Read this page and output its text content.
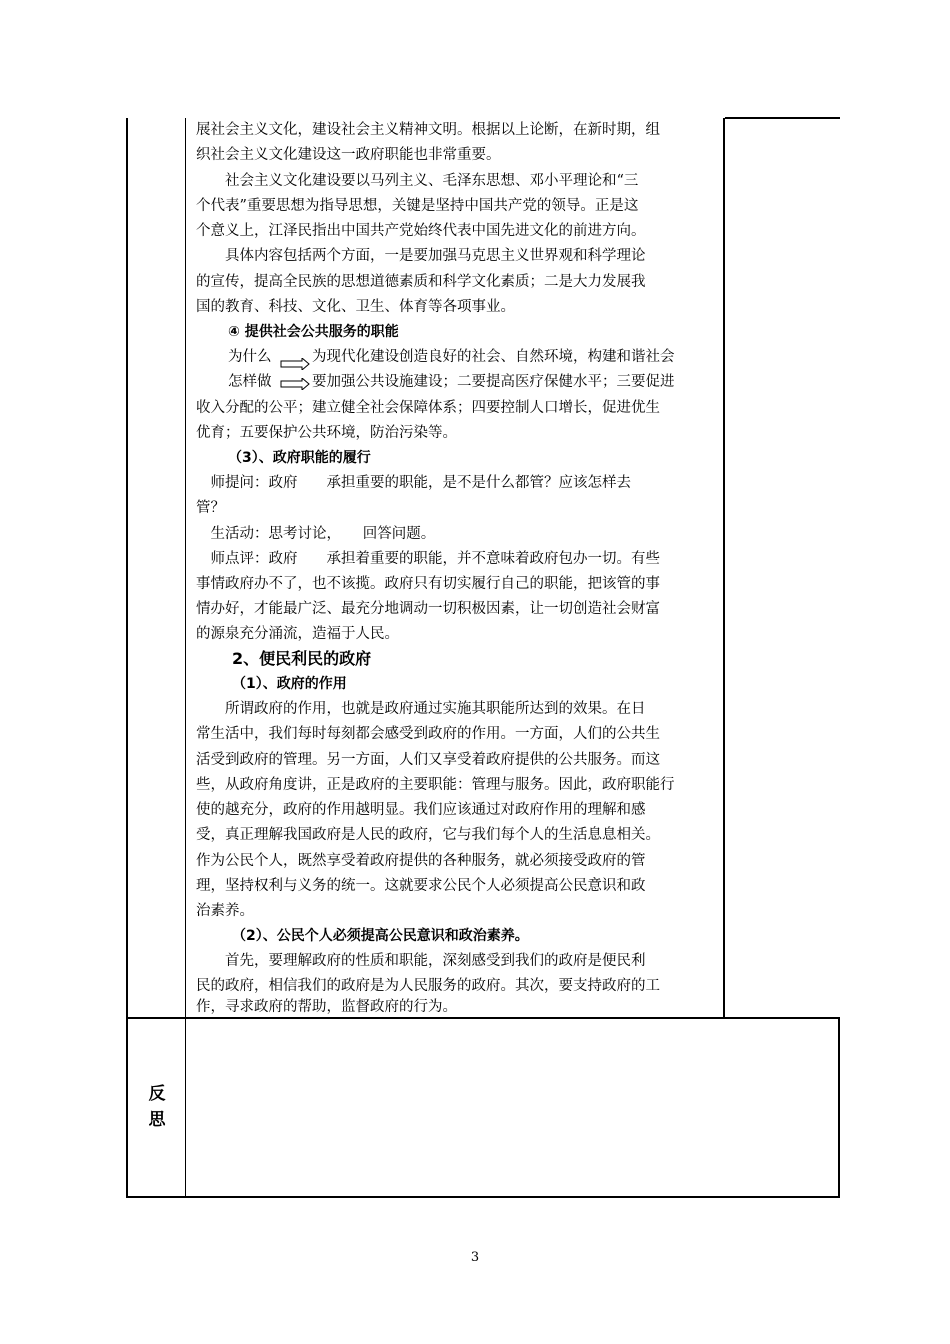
展社会主义文化，建设社会主义精神文明。根据以上论断，在新时期，组
织社会主义文化建设这一政府职能也非常重要。
　　社会主义文化建设要以马列主义、毛泽东思想、邓小平理论和“三
个代表”重要思想为指导思想，关键是坚持中国共产党的领导。正是这
个意义上，江泽民指出中国共产党始终代表中国先进文化的前进方向。
　　具体内容包括两个方面，一是要加强马克思主义世界观和科学理论
的宣传，提高全民族的思想道德素质和科学文化素质；二是大力发展我
国的教育、科技、文化、卫生、体育等各项事业。
④ 提供社会公共服务的职能
为什么	为现代化建设创造良好的社会、自然环境，构建和谐社会
怎样做	要加强公共设施建设；二要提高医疗保健水平；三要促进
收入分配的公平；建立健全社会保障体系；四要控制人口增长，促进优生
优育；五要保护公共环境，防治污染等。
（3）、政府职能的履行
　师提问：政府　　承担重要的职能，是不是什么都管？应该怎样去
管？
　生活动：思考讨论，　　回答问题。
　师点评：政府　　承担着重要的职能，并不意味着政府包办一切。有些
事情政府办不了，也不该揽。政府只有切实履行自己的职能，把该管的事
情办好，才能最广泛、最充分地调动一切积极因素，让一切创造社会财富
的源泉充分涌流，造福于人民。
2、便民利民的政府
（1）、政府的作用
　　所谓政府的作用，也就是政府通过实施其职能所达到的效果。在日
常生活中，我们每时每刻都会感受到政府的作用。一方面，人们的公共生
活受到政府的管理。另一方面，人们又享受着政府提供的公共服务。而这
些，从政府角度讲，正是政府的主要职能：管理与服务。因此，政府职能行
使的越充分，政府的作用越明显。我们应该通过对政府作用的理解和感
受，真正理解我国政府是人民的政府，它与我们每个人的生活息息相关。
作为公民个人，既然享受着政府提供的各种服务，就必须接受政府的管
理，坚持权利与义务的统一。这就要求公民个人必须提高公民意识和政
治素养。
（2）、公民个人必须提高公民意识和政治素养。
　　首先，要理解政府的性质和职能，深刻感受到我们的政府是便民利
民的政府，相信我们的政府是为人民服务的政府。其次，要支持政府的工
作，寻求政府的帮助，监督政府的行为。
反
思
3
